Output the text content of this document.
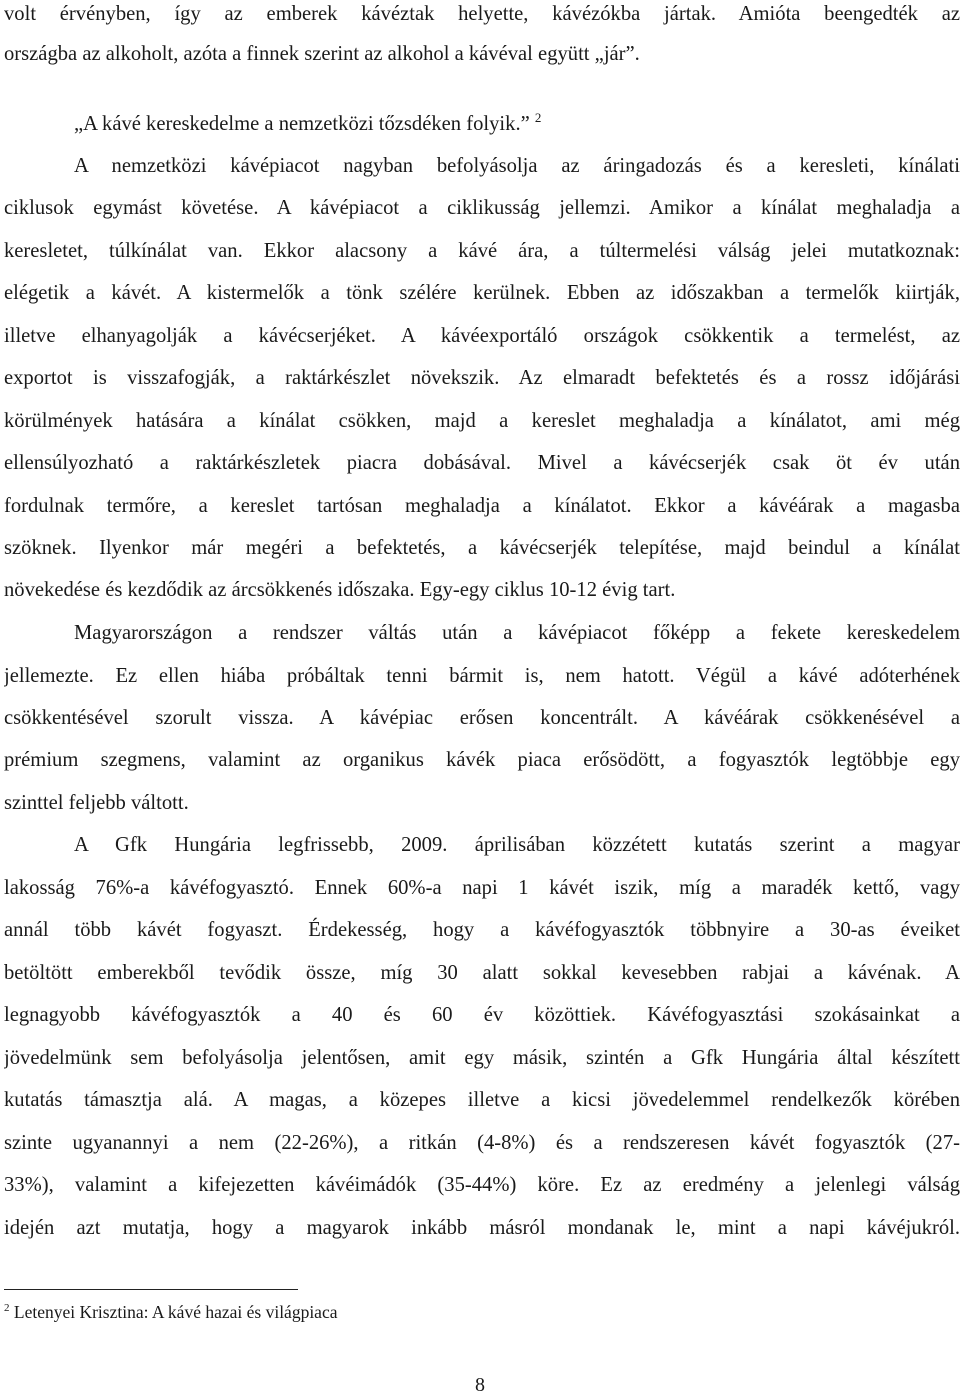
volt érvényben, így az emberek kávéztak helyette, kávézókba jártak. Amióta beengedték az
országba az alkoholt, azóta a finnek szerint az alkohol a kávéval együtt „jár”.
„A kávé kereskedelme a nemzetközi tőzsdéken folyik.” $^2$
A nemzetközi kávépiacot nagyban befolyásolja az áringadozás és a keresleti, kínálati
ciklusok egymást követése. A kávépiacot a ciklikusság jellemzi. Amikor a kínálat meghaladja a
keresletet, túlkínálat van. Ekkor alacsony a kávé ára, a túltermelési válság jelei mutatkoznak:
elégetik a kávét. A kistermelők a tönk szélére kerülnek. Ebben az időszakban a termelők kiirtják,
illetve elhanyagolják a kávécserjéket. A kávéexportáló országok csökkentik a termelést, az
exportot is visszafogják, a raktárkészlet növekszik. Az elmaradt befektetés és a rossz időjárási
körülmények hatására a kínálat csökken, majd a kereslet meghaladja a kínálatot, ami még
ellensúlyozható a raktárkészletek piacra dobásával. Mivel a kávécserjék csak öt év után
fordulnak termőre, a kereslet tartósan meghaladja a kínálatot. Ekkor a kávéárak a magasba
szöknek. Ilyenkor már megéri a befektetés, a kávécserjék telepítése, majd beindul a kínálat
növekedése és kezdődik az árcsökkenés időszaka. Egy-egy ciklus 10-12 évig tart.
Magyarországon a rendszer váltás után a kávépiacot főképp a fekete kereskedelem
jellemezte. Ez ellen hiába próbáltak tenni bármit is, nem hatott. Végül a kávé adóterhének
csökkentésével szorult vissza. A kávépiac erősen koncentrált. A kávéárak csökkenésével a
prémium szegmens, valamint az organikus kávék piaca erősödött, a fogyasztók legtöbbje egy
szinttel feljebb váltott.
A Gfk Hungária legfrissebb, 2009. áprilisában közzétett kutatás szerint a magyar
lakosság 76%-a kávéfogyasztó. Ennek 60%-a napi 1 kávét iszik, míg a maradék kettő, vagy
annál több kávét fogyaszt. Érdekesség, hogy a kávéfogyasztók többnyire a 30-as éveiket
betöltött emberekből tevődik össze, míg 30 alatt sokkal kevesebben rabjai a kávénak. A
legnagyobb kávéfogyasztók a 40 és 60 év közöttiek. Kávéfogyasztási szokásainkat a
jövedelmünk sem befolyásolja jelentősen, amit egy másik, szintén a Gfk Hungária által készített
kutatás támasztja alá. A magas, a közepes illetve a kicsi jövedelemmel rendelkezők körében
szinte ugyanannyi a nem (22-26%), a ritkán (4-8%) és a rendszeresen kávét fogyasztók (27-
33%), valamint a kifejezetten kávéimádók (35-44%) köre. Ez az eredmény a jelenlegi válság
idején azt mutatja, hogy a magyarok inkább másról mondanak le, mint a napi kávéjukról.
$^2$ Letenyei Krisztina: A kávé hazai és világpiaca
8
